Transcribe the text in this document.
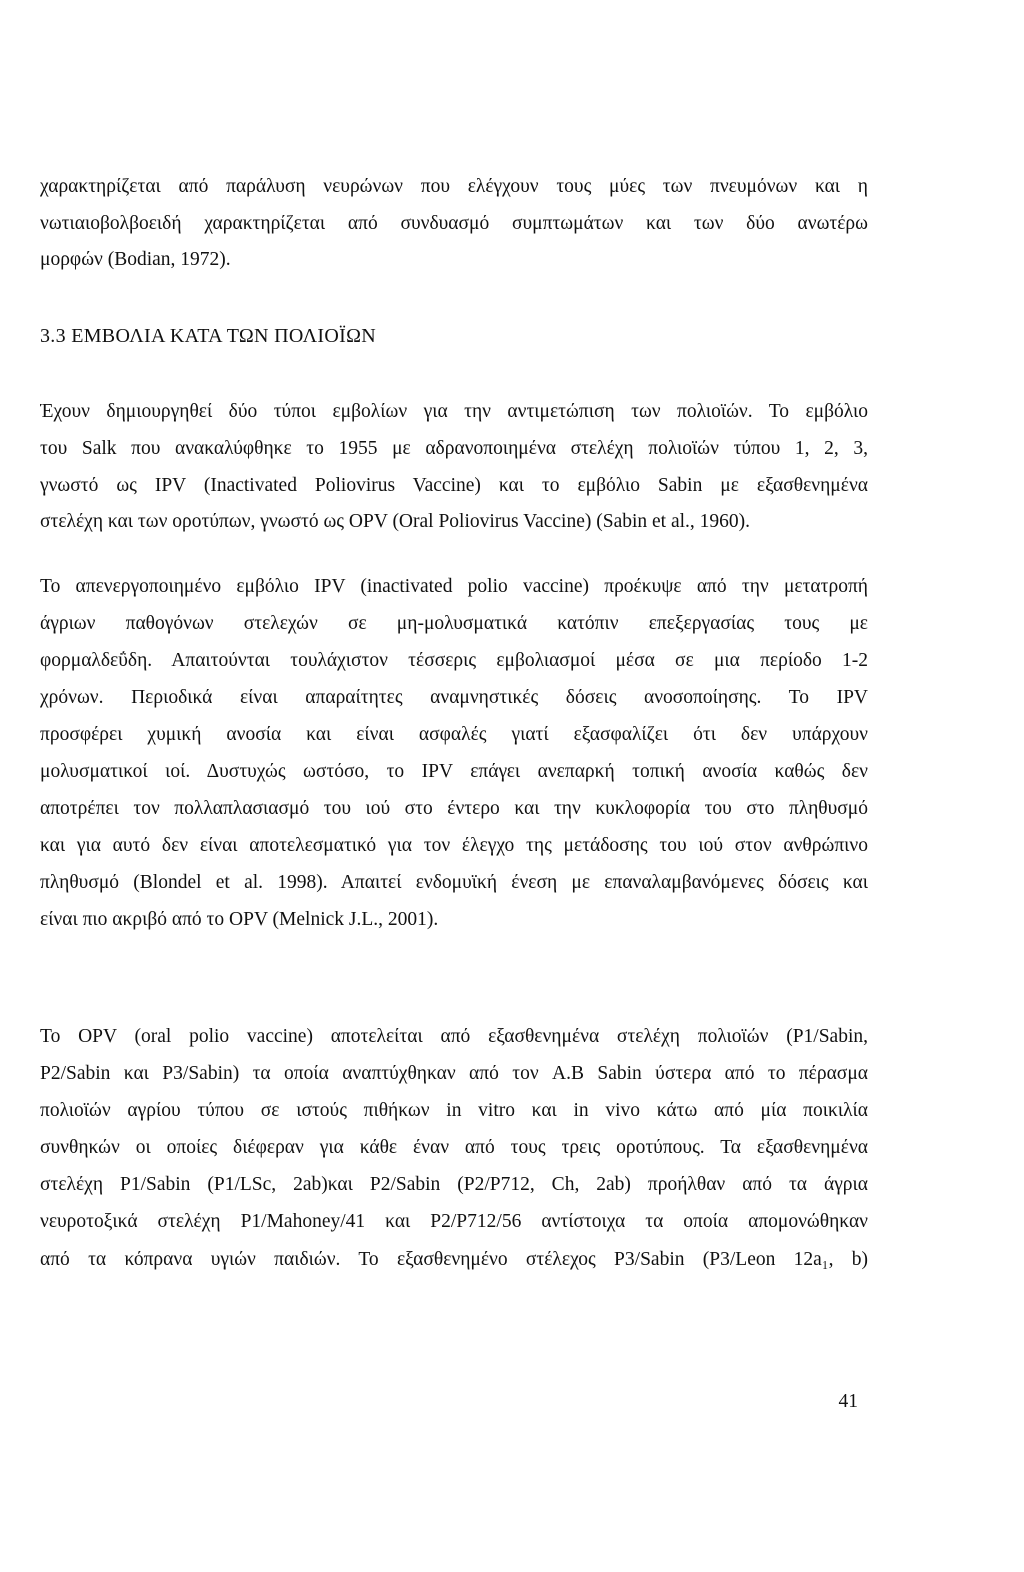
χαρακτηρίζεται από παράλυση νευρώνων που ελέγχουν τους μύες των πνευμόνων και η
νωτιαιοβολβοειδή χαρακτηρίζεται από συνδυασμό συμπτωμάτων και των δύο ανωτέρω
μορφών (Bodian, 1972).
3.3 ΕΜΒΟΛΙΑ ΚΑΤΑ ΤΩΝ ΠΟΛΙΟΪΩΝ
Έχουν δημιουργηθεί δύο τύποι εμβολίων για την αντιμετώπιση των πολιοϊών. Το εμβόλιο
του Salk που ανακαλύφθηκε το 1955 με αδρανοποιημένα στελέχη πολιοϊών τύπου 1, 2, 3,
γνωστό ως IPV (Inactivated Poliovirus Vaccine) και το εμβόλιο Sabin με εξασθενημένα
στελέχη και των οροτύπων, γνωστό ως OPV (Oral Poliovirus Vaccine) (Sabin et al., 1960).
Το απενεργοποιημένο εμβόλιο IPV (inactivated polio vaccine) προέκυψε από την μετατροπή
άγριων παθογόνων στελεχών σε μη-μολυσματικά κατόπιν επεξεργασίας τους με
φορμαλδεΰδη. Απαιτούνται τουλάχιστον τέσσερις εμβολιασμοί μέσα σε μια περίοδο 1-2
χρόνων. Περιοδικά είναι απαραίτητες αναμνηστικές δόσεις ανοσοποίησης. Το IPV
προσφέρει χυμική ανοσία και είναι ασφαλές γιατί εξασφαλίζει ότι δεν υπάρχουν
μολυσματικοί ιοί. Δυστυχώς ωστόσο, το IPV επάγει ανεπαρκή τοπική ανοσία καθώς δεν
αποτρέπει τον πολλαπλασιασμό του ιού στο έντερο και την κυκλοφορία του στο πληθυσμό
και για αυτό δεν είναι αποτελεσματικό για τον έλεγχο της μετάδοσης του ιού στον ανθρώπινο
πληθυσμό (Blondel et al. 1998). Απαιτεί ενδομυϊκή ένεση με επαναλαμβανόμενες δόσεις και
είναι πιο ακριβό από το OPV (Melnick J.L., 2001).
Το OPV (oral polio vaccine) αποτελείται από εξασθενημένα στελέχη πολιοϊών (P1/Sabin,
P2/Sabin και P3/Sabin) τα οποία αναπτύχθηκαν από τον A.B Sabin ύστερα από το πέρασμα
πολιοϊών αγρίου τύπου σε ιστούς πιθήκων in vitro και in vivo κάτω από μία ποικιλία
συνθηκών οι οποίες διέφεραν για κάθε έναν από τους τρεις οροτύπους. Τα εξασθενημένα
στελέχη P1/Sabin (P1/LSc, 2ab)και P2/Sabin (P2/P712, Ch, 2ab) προήλθαν από τα άγρια
νευροτοξικά στελέχη P1/Mahoney/41 και P2/P712/56 αντίστοιχα τα οποία απομονώθηκαν
από τα κόπρανα υγιών παιδιών. Το εξασθενημένο στέλεχος P3/Sabin (P3/Leon 12a₁, b)
41
